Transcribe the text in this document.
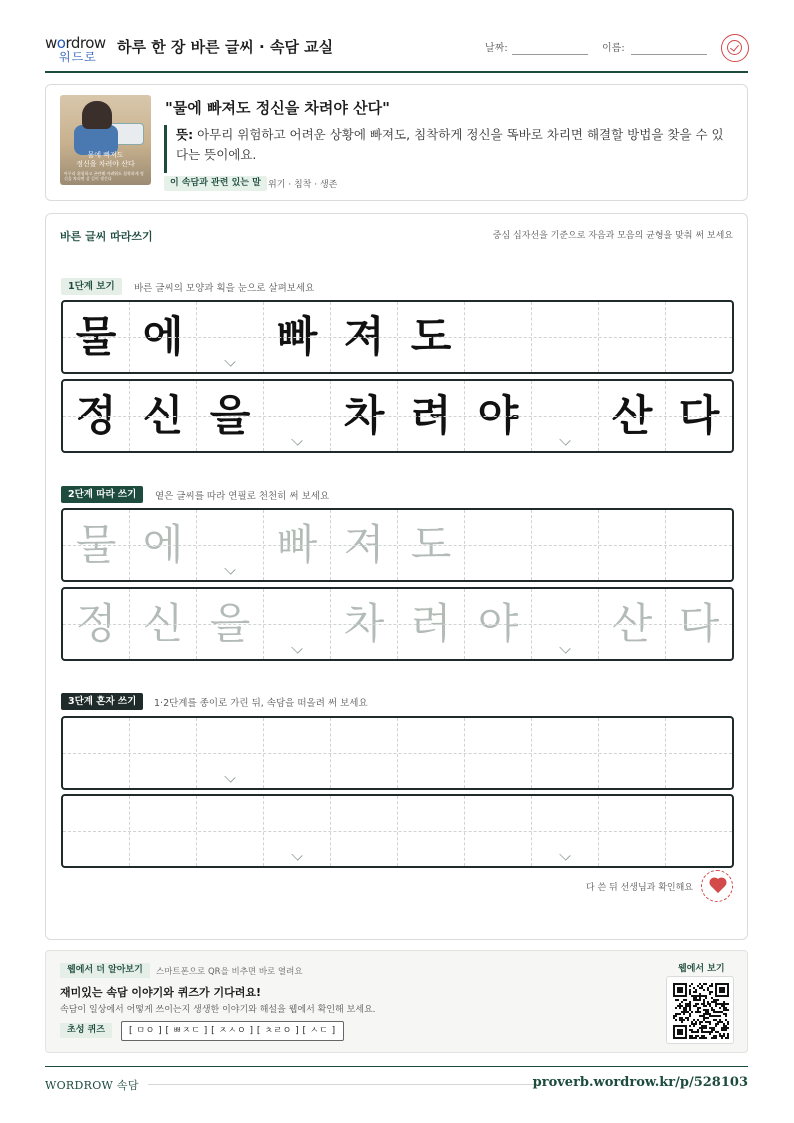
wordrow
워드로
하루 한 장 바른 글씨 · 속담 교실	날짜:	이름:
물에 빠져도
정신을 차려야 산다
아무리 위험하고 곤란해 어려워도 침착하게 정신을 차리면 살 길이 생긴다
"물에 빠져도 정신을 차려야 산다"
뜻: 아무리 위험하고 어려운 상황에 빠져도, 침착하게 정신을 똑바로 차리면 해결할 방법을 찾을 수 있다는 뜻이에요.
이 속담과 관련 있는 말 위기 · 침착 · 생존
바른 글씨 따라쓰기	중심 십자선을 기준으로 자음과 모음의 균형을 맞춰 써 보세요
1단계 보기	바른 글씨의 모양과 획을 눈으로 살펴보세요
물 에	빠 져 도
정 신 을	차 려 야	산 다
2단계 따라 쓰기	옅은 글씨를 따라 연필로 천천히 써 보세요
물 에	빠 져 도
정 신 을	차 려 야	산 다
3단계 혼자 쓰기	1·2단계를 종이로 가린 뒤, 속담을 떠올려 써 보세요
다 쓴 뒤 선생님과 확인해요
웹에서 더 알아보기	스마트폰으로 QR을 비추면 바로 열려요
재미있는 속담 이야기와 퀴즈가 기다려요!
속담이 일상에서 어떻게 쓰이는지 생생한 이야기와 해설을 웹에서 확인해 보세요.
초성 퀴즈	[ ㅁㅇ ] [ ㅃㅈㄷ ] [ ㅈㅅㅇ ] [ ㅊㄹㅇ ] [ ㅅㄷ ]
웹에서 보기
WORDROW 속담	proverb.wordrow.kr/p/528103
